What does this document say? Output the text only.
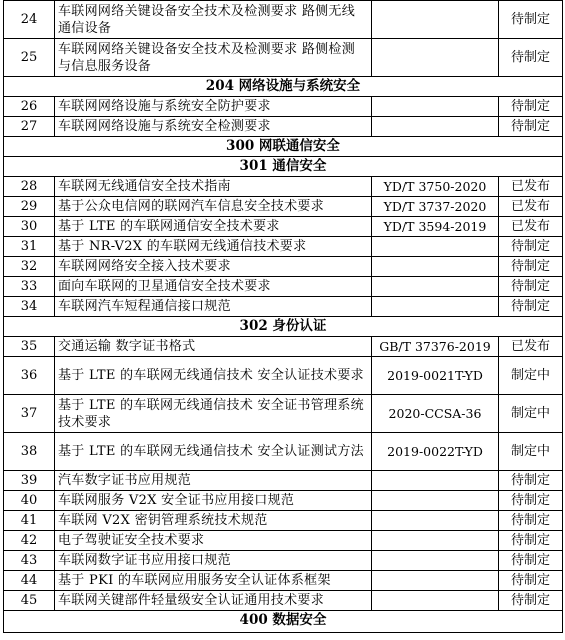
24	车联网网络关键设备安全技术及检测要求 路侧无线通信设备		待制定
25	车联网网络关键设备安全技术及检测要求 路侧检测与信息服务设备		待制定
204 网络设施与系统安全			
26	车联网网络设施与系统安全防护要求		待制定
27	车联网网络设施与系统安全检测要求		待制定
300 网联通信安全			
301 通信安全			
28	车联网无线通信安全技术指南	YD/T 3750-2020	已发布
29	基于公众电信网的联网汽车信息安全技术要求	YD/T 3737-2020	已发布
30	基于 LTE 的车联网通信安全技术要求	YD/T 3594-2019	已发布
31	基于 NR-V2X 的车联网无线通信技术要求		待制定
32	车联网网络安全接入技术要求		待制定
33	面向车联网的卫星通信安全技术要求		待制定
34	车联网汽车短程通信接口规范		待制定
302 身份认证			
35	交通运输 数字证书格式	GB/T 37376-2019	已发布
36	基于 LTE 的车联网无线通信技术 安全认证技术要求	2019-0021T-YD	制定中
37	基于 LTE 的车联网无线通信技术 安全证书管理系统技术要求	2020-CCSA-36	制定中
38	基于 LTE 的车联网无线通信技术 安全认证测试方法	2019-0022T-YD	制定中
39	汽车数字证书应用规范		待制定
40	车联网服务 V2X 安全证书应用接口规范		待制定
41	车联网 V2X 密钥管理系统技术规范		待制定
42	电子驾驶证安全技术要求		待制定
43	车联网数字证书应用接口规范		待制定
44	基于 PKI 的车联网应用服务安全认证体系框架		待制定
45	车联网关键部件轻量级安全认证通用技术要求		待制定
400 数据安全			
